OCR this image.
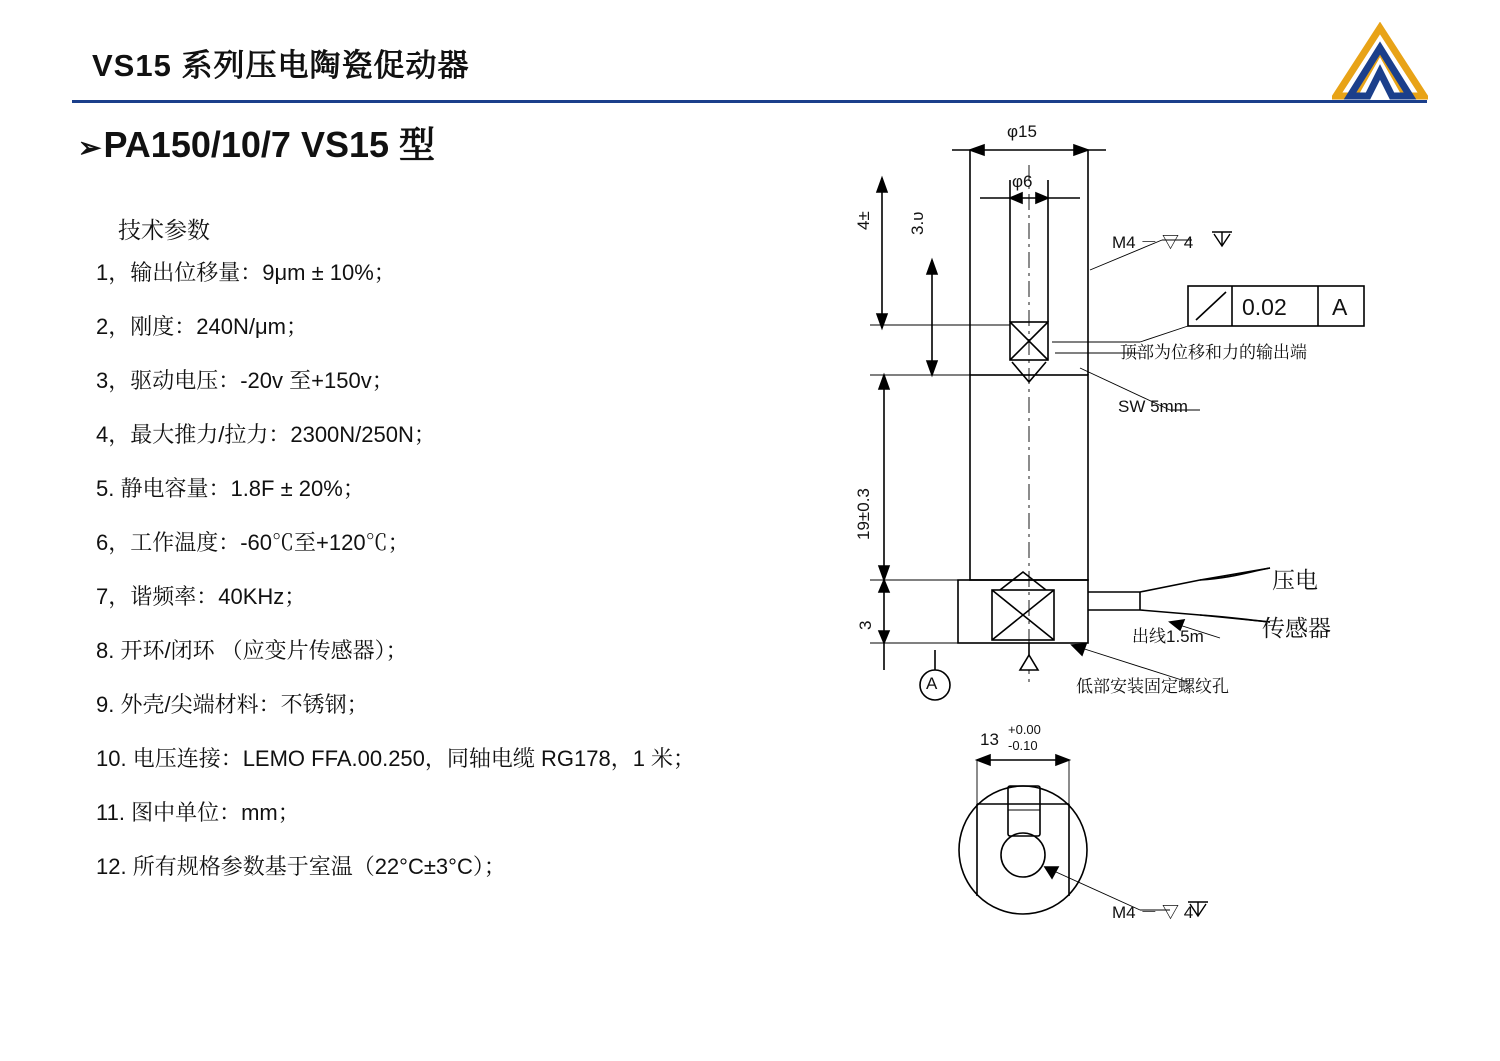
VS15 系列压电陶瓷促动器
➢PA150/10/7 VS15 型
技术参数
1，输出位移量：9μm ± 10%；
2，刚度：240N/μm；
3，驱动电压：-20v 至+150v；
4，最大推力/拉力：2300N/250N；
5. 静电容量：1.8F ± 20%；
6，工作温度：-60℃至+120℃；
7，谐频率：40KHz；
8. 开环/闭环 （应变片传感器）；
9. 外壳/尖端材料：不锈钢；
10. 电压连接：LEMO FFA.00.250，同轴电缆 RG178，1 米；
11. 图中单位：mm；
12. 所有规格参数基于室温（22°C±3°C）；
φ15
φ6
4± 3.υ
19±0.3
3
A
M4 － ▽ 4
0.02 A
顶部为位移和力的输出端
SW 5mm
出线1.5m
低部安装固定螺纹孔
压电
传感器
13
+0.00
-0.10
M4 － ▽ 4
